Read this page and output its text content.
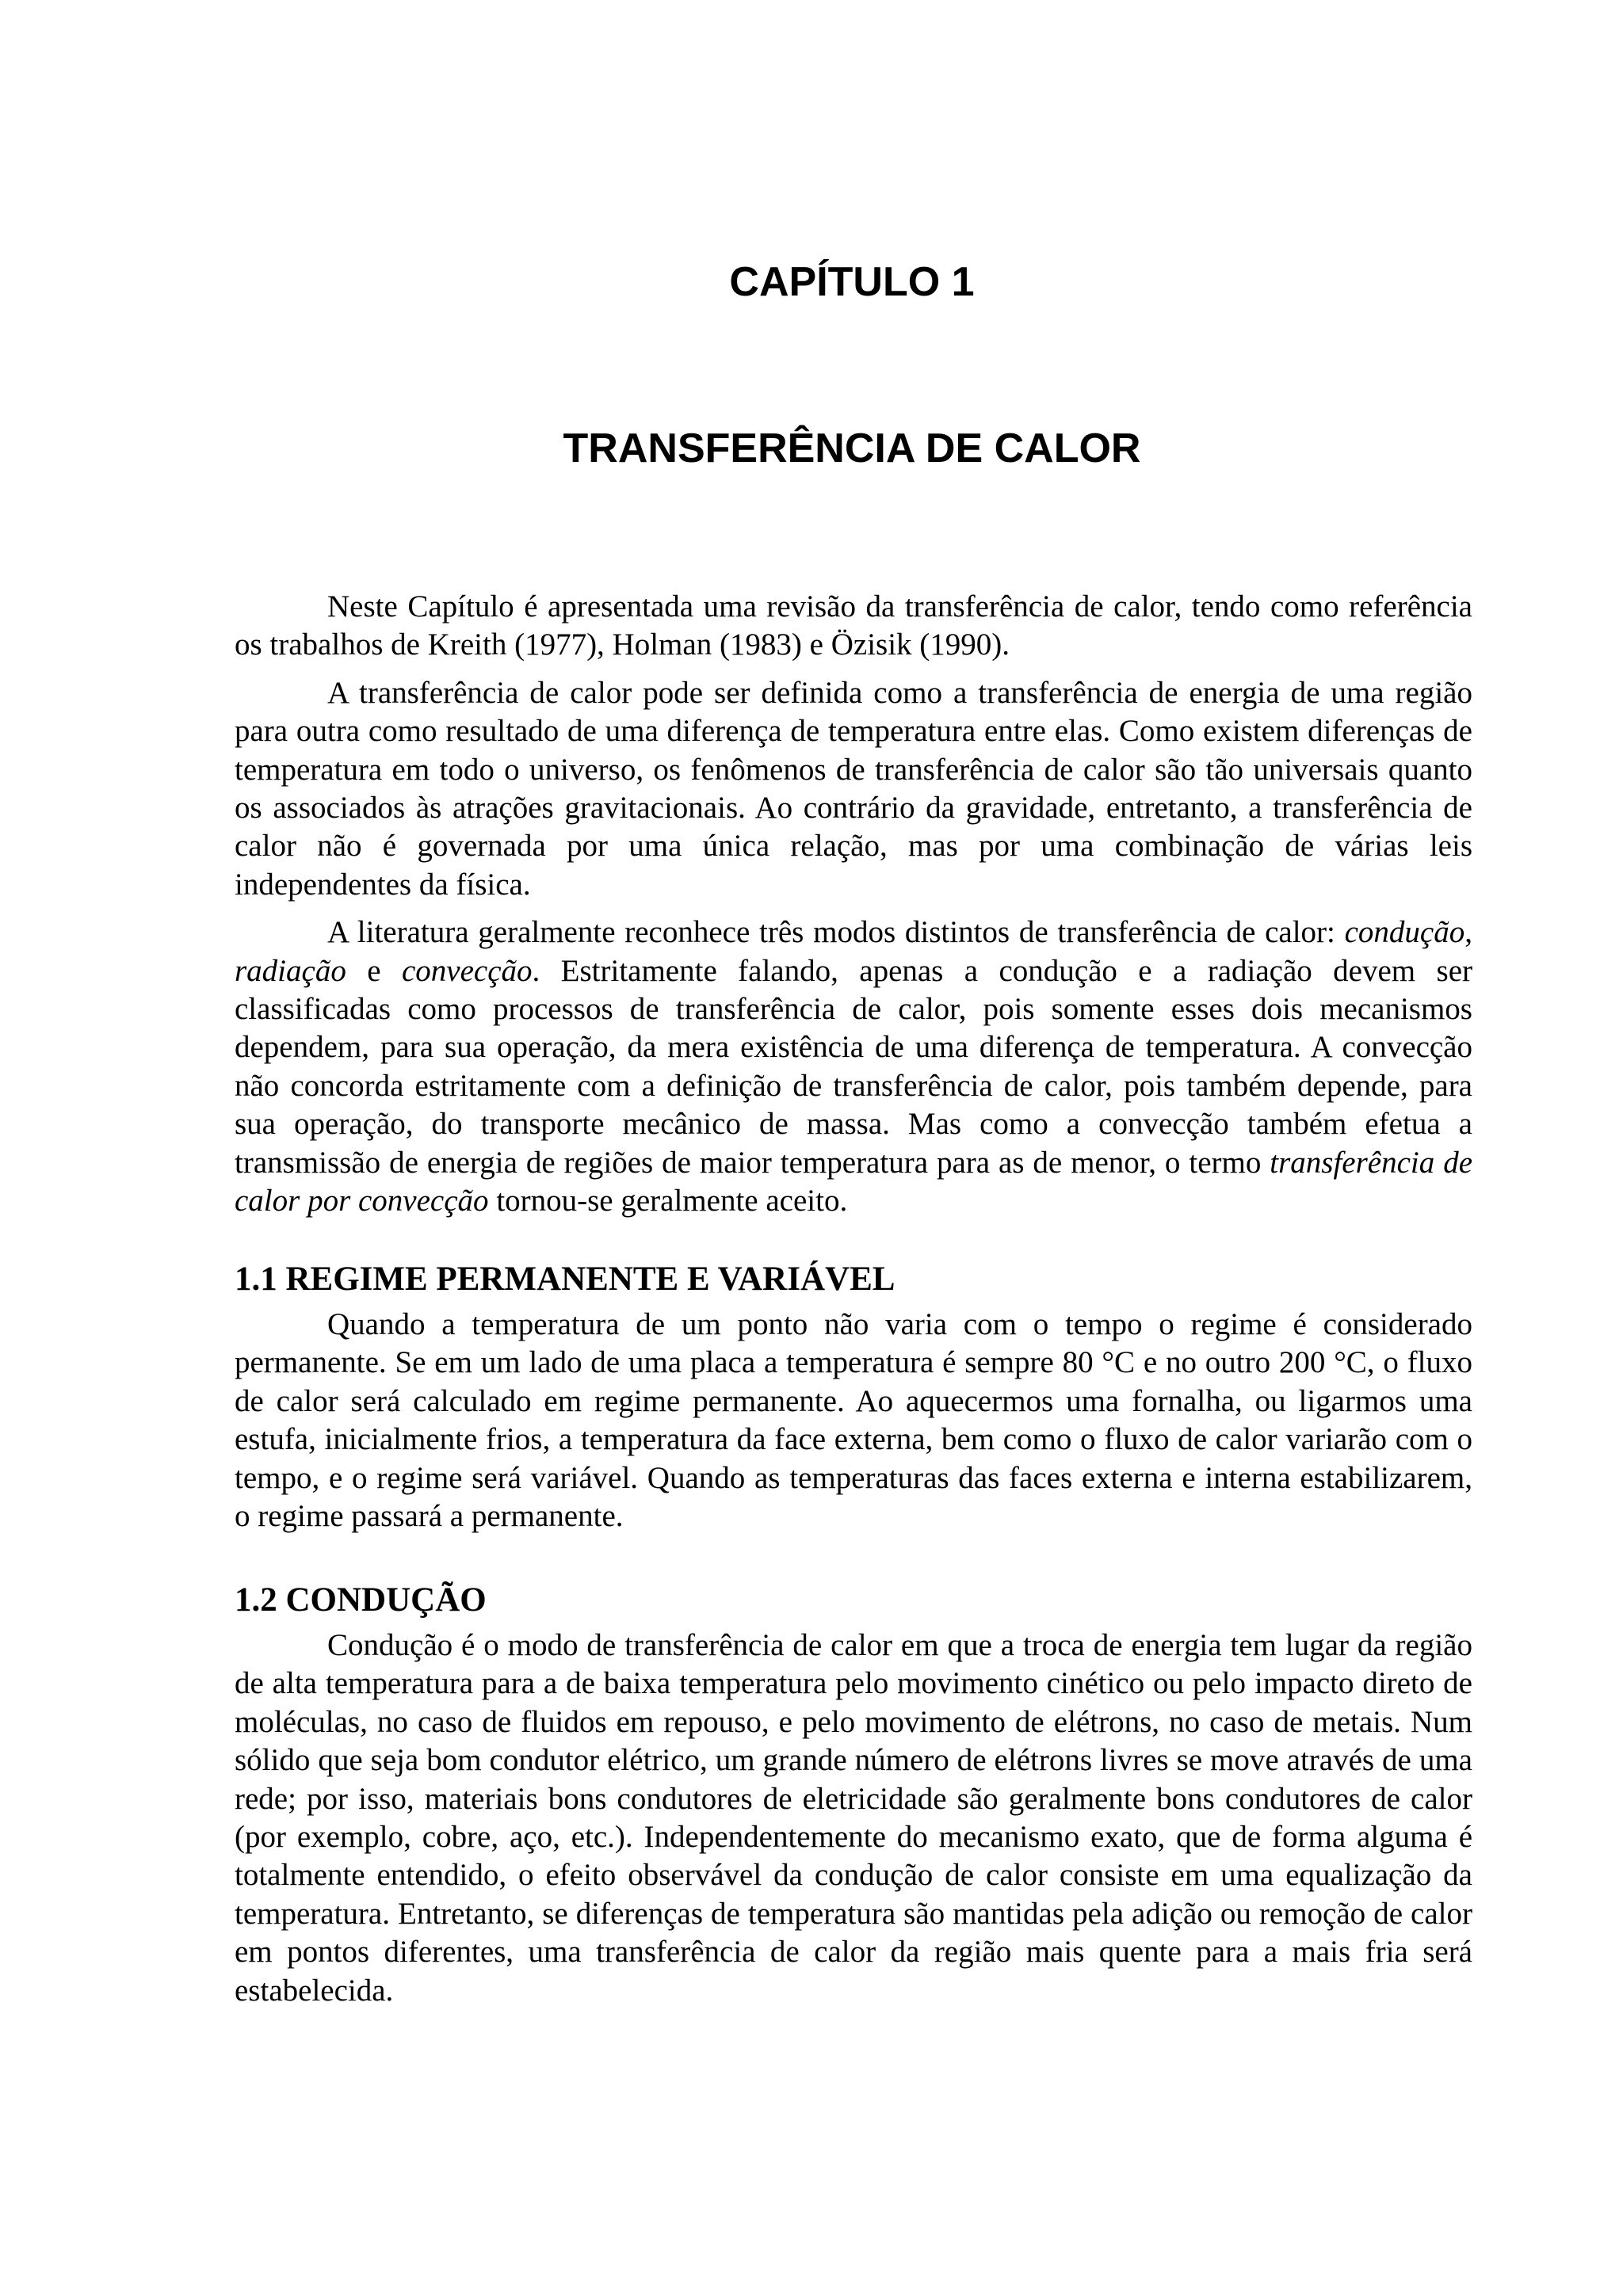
CAPÍTULO 1
TRANSFERÊNCIA DE CALOR

Neste Capítulo é apresentada uma revisão da transferência de calor, tendo como referência os trabalhos de Kreith (1977), Holman (1983) e Özisik (1990).

A transferência de calor pode ser definida como a transferência de energia de uma região para outra como resultado de uma diferença de temperatura entre elas. Como existem diferenças de temperatura em todo o universo, os fenômenos de transferência de calor são tão universais quanto os associados às atrações gravitacionais. Ao contrário da gravidade, entretanto, a transferência de calor não é governada por uma única relação, mas por uma combinação de várias leis independentes da física.

A literatura geralmente reconhece três modos distintos de transferência de calor: condução, radiação e convecção. Estritamente falando, apenas a condução e a radiação devem ser classificadas como processos de transferência de calor, pois somente esses dois mecanismos dependem, para sua operação, da mera existência de uma diferença de temperatura. A convecção não concorda estritamente com a definição de transferência de calor, pois também depende, para sua operação, do transporte mecânico de massa. Mas como a convecção também efetua a transmissão de energia de regiões de maior temperatura para as de menor, o termo transferência de calor por convecção tornou-se geralmente aceito.

1.1 REGIME PERMANENTE E VARIÁVEL

Quando a temperatura de um ponto não varia com o tempo o regime é considerado permanente. Se em um lado de uma placa a temperatura é sempre 80 °C e no outro 200 °C, o fluxo de calor será calculado em regime permanente. Ao aquecermos uma fornalha, ou ligarmos uma estufa, inicialmente frios, a temperatura da face externa, bem como o fluxo de calor variarão com o tempo, e o regime será variável. Quando as temperaturas das faces externa e interna estabilizarem, o regime passará a permanente.

1.2 CONDUÇÃO

Condução é o modo de transferência de calor em que a troca de energia tem lugar da região de alta temperatura para a de baixa temperatura pelo movimento cinético ou pelo impacto direto de moléculas, no caso de fluidos em repouso, e pelo movimento de elétrons, no caso de metais. Num sólido que seja bom condutor elétrico, um grande número de elétrons livres se move através de uma rede; por isso, materiais bons condutores de eletricidade são geralmente bons condutores de calor (por exemplo, cobre, aço, etc.). Independentemente do mecanismo exato, que de forma alguma é totalmente entendido, o efeito observável da condução de calor consiste em uma equalização da temperatura. Entretanto, se diferenças de temperatura são mantidas pela adição ou remoção de calor em pontos diferentes, uma transferência de calor da região mais quente para a mais fria será estabelecida.
